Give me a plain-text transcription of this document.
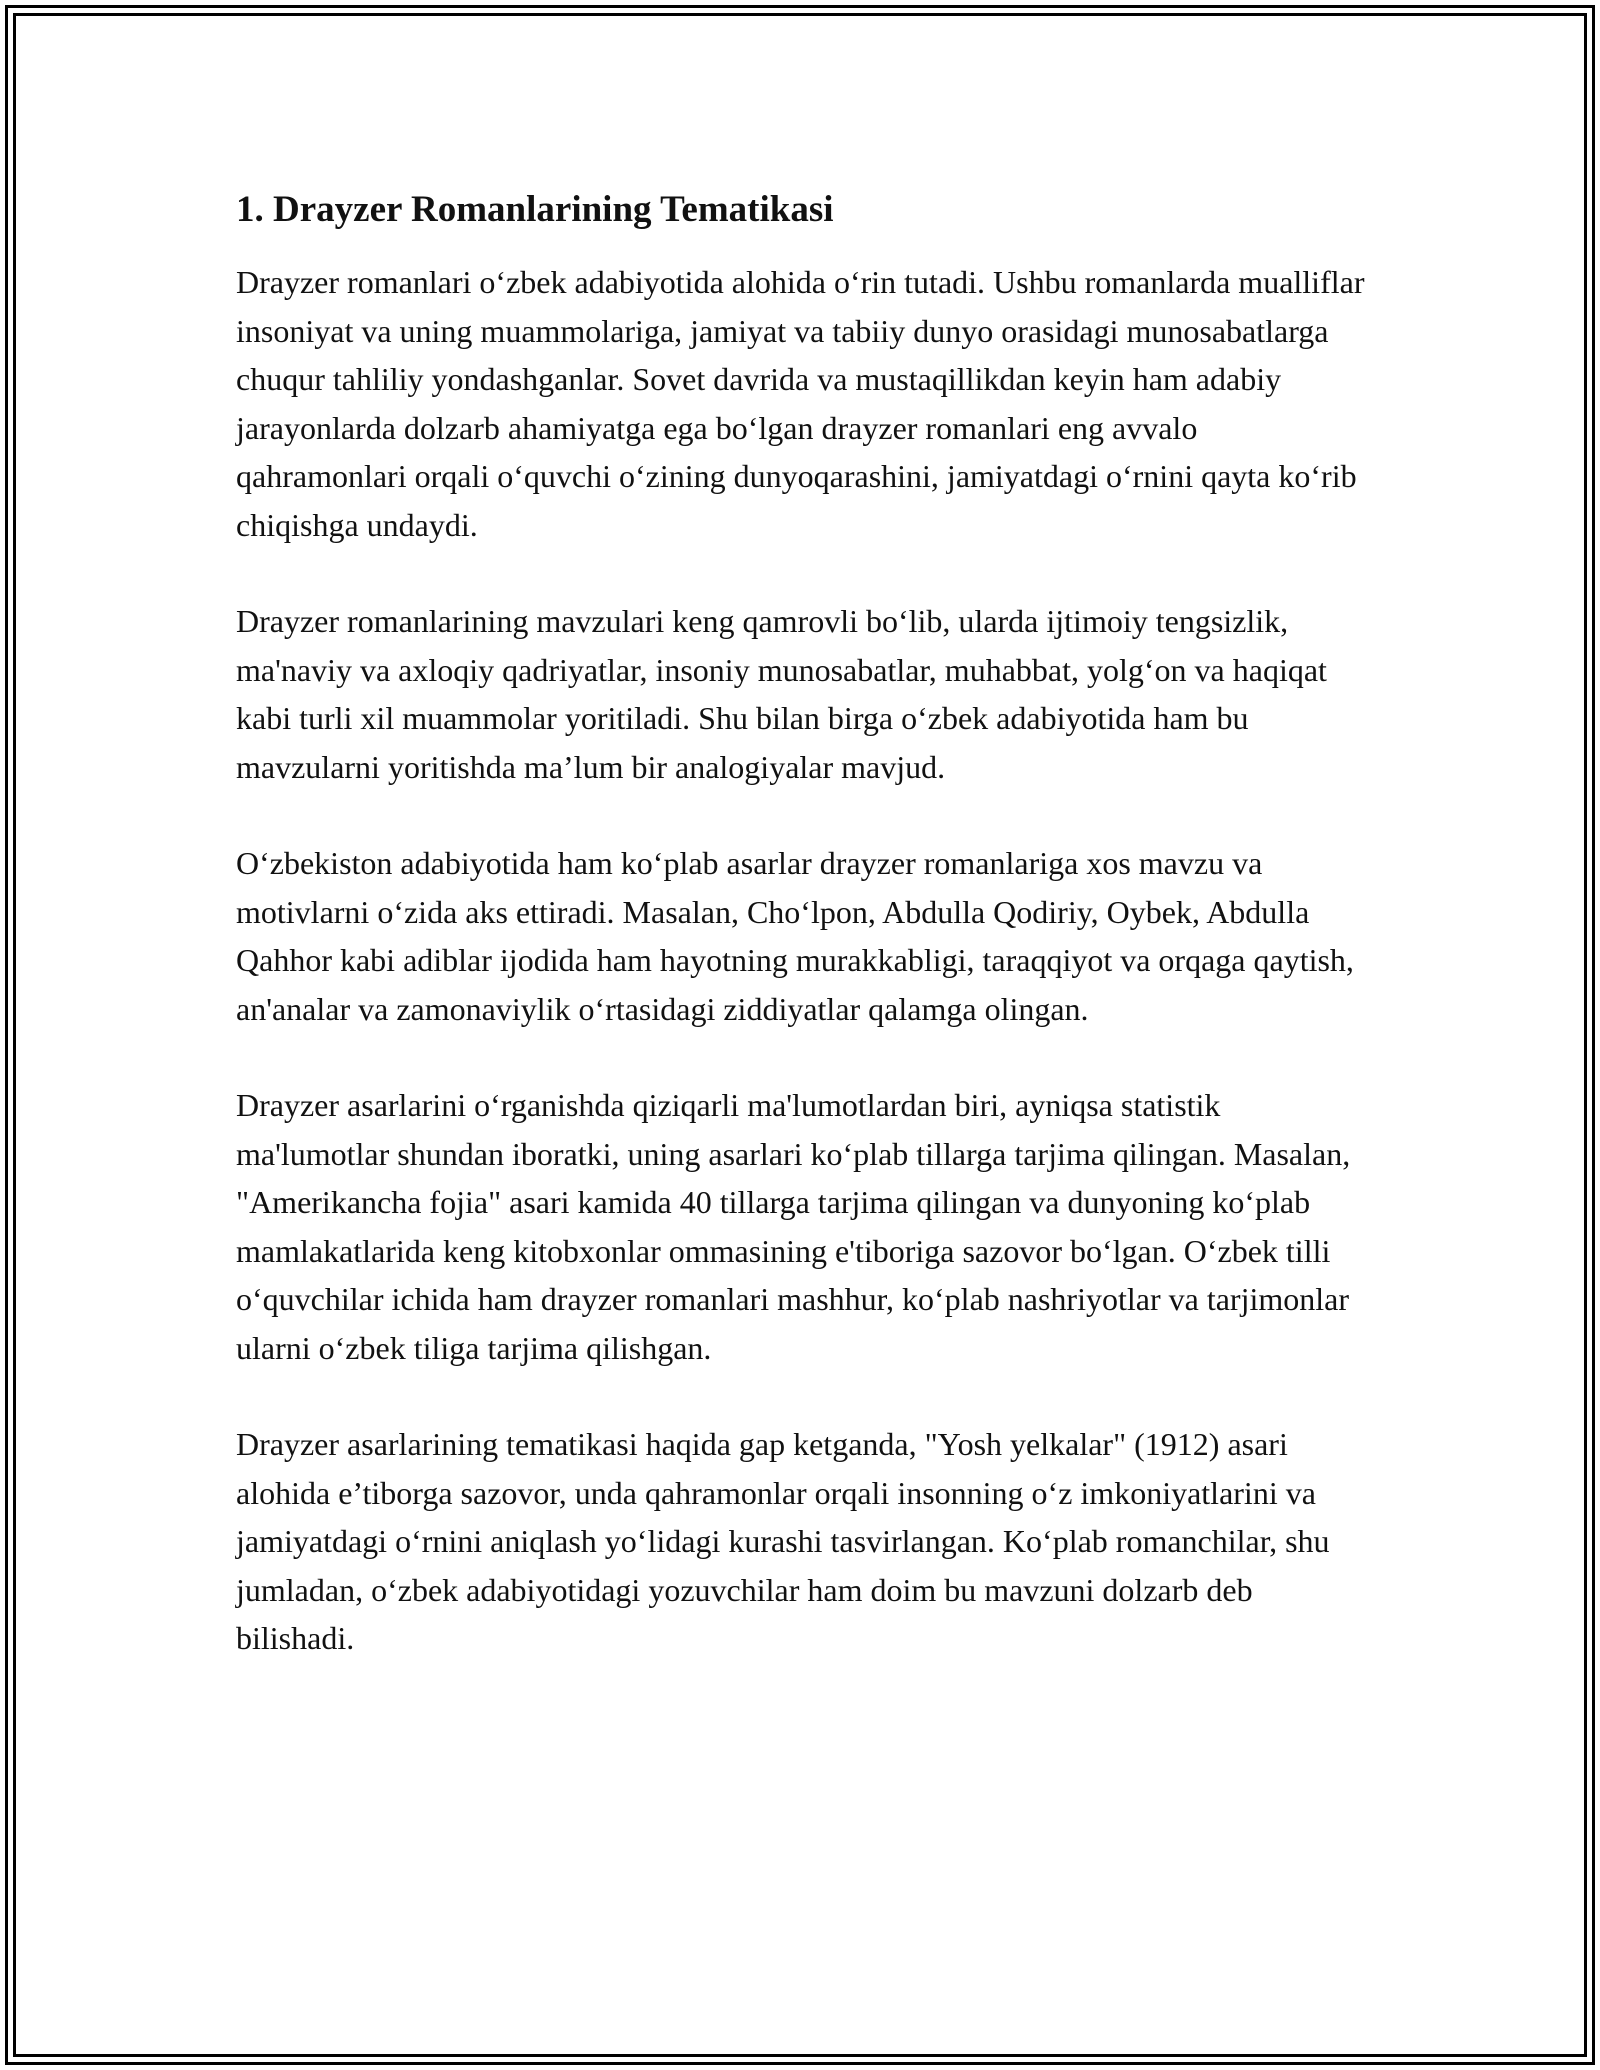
1. Drayzer Romanlarining Tematikasi

Drayzer romanlari o‘zbek adabiyotida alohida o‘rin tutadi. Ushbu romanlarda mualliflar insoniyat va uning muammolariga, jamiyat va tabiiy dunyo orasidagi munosabatlarga chuqur tahliliy yondashganlar. Sovet davrida va mustaqillikdan keyin ham adabiy jarayonlarda dolzarb ahamiyatga ega bo‘lgan drayzer romanlari eng avvalo qahramonlari orqali o‘quvchi o‘zining dunyoqarashini, jamiyatdagi o‘rnini qayta ko‘rib chiqishga undaydi.

Drayzer romanlarining mavzulari keng qamrovli bo‘lib, ularda ijtimoiy tengsizlik, ma'naviy va axloqiy qadriyatlar, insoniy munosabatlar, muhabbat, yolg‘on va haqiqat kabi turli xil muammolar yoritiladi. Shu bilan birga o‘zbek adabiyotida ham bu mavzularni yoritishda ma’lum bir analogiyalar mavjud.

O‘zbekiston adabiyotida ham ko‘plab asarlar drayzer romanlariga xos mavzu va motivlarni o‘zida aks ettiradi. Masalan, Cho‘lpon, Abdulla Qodiriy, Oybek, Abdulla Qahhor kabi adiblar ijodida ham hayotning murakkabligi, taraqqiyot va orqaga qaytish, an'analar va zamonaviylik o‘rtasidagi ziddiyatlar qalamga olingan.

Drayzer asarlarini o‘rganishda qiziqarli ma'lumotlardan biri, ayniqsa statistik ma'lumotlar shundan iboratki, uning asarlari ko‘plab tillarga tarjima qilingan. Masalan, "Amerikancha fojia" asari kamida 40 tillarga tarjima qilingan va dunyoning ko‘plab mamlakatlarida keng kitobxonlar ommasining e'tiboriga sazovor bo‘lgan. O‘zbek tilli o‘quvchilar ichida ham drayzer romanlari mashhur, ko‘plab nashriyotlar va tarjimonlar ularni o‘zbek tiliga tarjima qilishgan.

Drayzer asarlarining tematikasi haqida gap ketganda, "Yosh yelkalar" (1912) asari alohida e’tiborga sazovor, unda qahramonlar orqali insonning o‘z imkoniyatlarini va jamiyatdagi o‘rnini aniqlash yo‘lidagi kurashi tasvirlangan. Ko‘plab romanchilar, shu jumladan, o‘zbek adabiyotidagi yozuvchilar ham doim bu mavzuni dolzarb deb bilishadi.
